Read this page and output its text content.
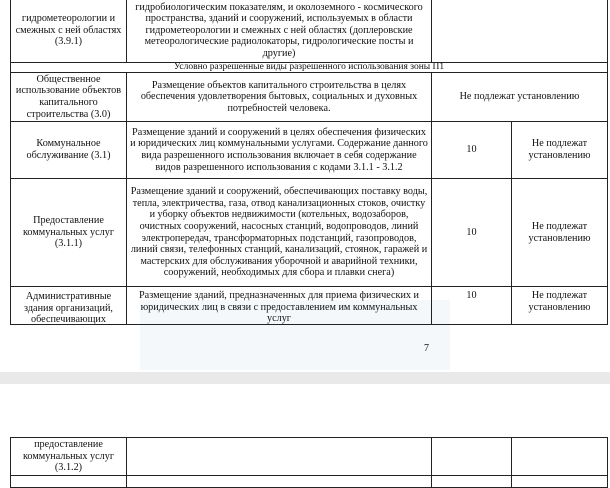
гидрометеорологии и смежных с ней областях (3.9.1)
гидробиологическим показателям, и околоземного - космического пространства, зданий и сооружений, используемых в области гидрометеорологии и смежных с ней областях (доплеровские метеорологические радиолокаторы, гидрологические посты и другие)
Условно разрешенные виды разрешенного использования зоны П1
Общественное использование объектов капитального строительства (3.0)
Размещение объектов капитального строительства в целях обеспечения удовлетворения бытовых, социальных и духовных потребностей человека.
Не подлежат установлению
Коммунальное обслуживание (3.1)
Размещение зданий и сооружений в целях обеспечения физических и юридических лиц коммунальными услугами. Содержание данного вида разрешенного использования включает в себя содержание видов разрешенного использования с кодами 3.1.1 - 3.1.2
10
Не подлежат установлению
Предоставление коммунальных услуг (3.1.1)
Размещение зданий и сооружений, обеспечивающих поставку воды, тепла, электричества, газа, отвод канализационных стоков, очистку и уборку объектов недвижимости (котельных, водозаборов, очистных сооружений, насосных станций, водопроводов, линий электропередач, трансформаторных подстанций, газопроводов, линий связи, телефонных станций, канализаций, стоянок, гаражей и мастерских для обслуживания уборочной и аварийной техники, сооружений, необходимых для сбора и плавки снега)
10
Не подлежат установлению
Административные здания организаций, обеспечивающих
Размещение зданий, предназначенных для приема физических и юридических лиц в связи с предоставлением им коммунальных услуг
10	Не подлежат установлению
7
предоставление коммунальных услуг (3.1.2)
